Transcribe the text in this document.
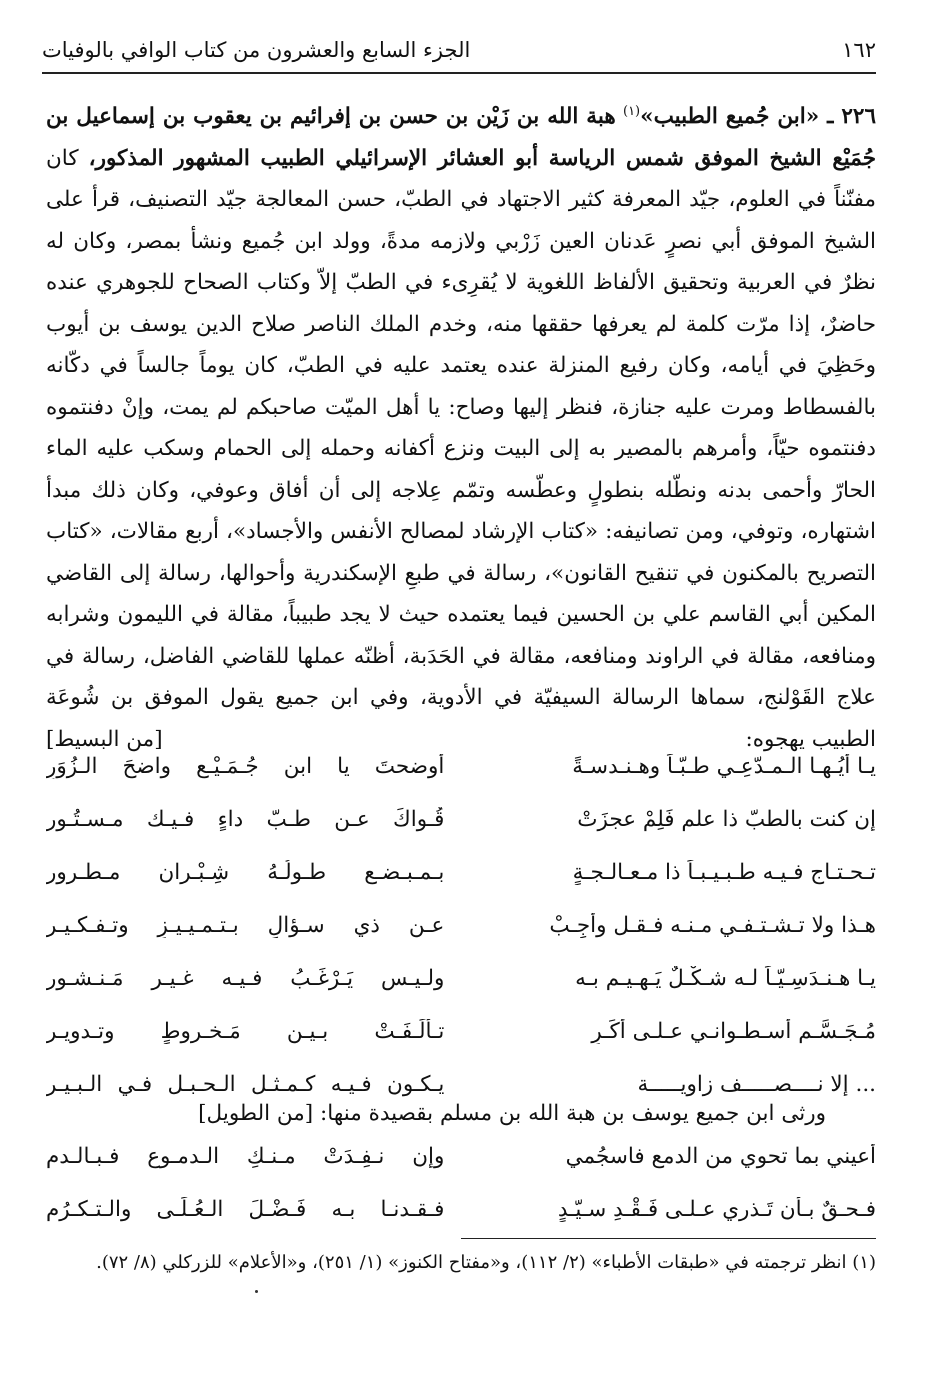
١٦٢
الجزء السابع والعشرون من كتاب الوافي بالوفيات
٢٢٦ ـ «ابن جُميع الطبيب»$^{(١)}$ هبة الله بن زَيْن بن حسن بن إفرائيم بن يعقوب بن إسماعيل بن جُمَيْع الشيخ الموفق شمس الرياسة أبو العشائر الإسرائيلي الطبيب المشهور المذكور، كان مفنّناً في العلوم، جيّد المعرفة كثير الاجتهاد في الطبّ، حسن المعالجة جيّد التصنيف، قرأ على الشيخ الموفق أبي نصرٍ عَدنان العين زَرْبي ولازمه مدةً، وولد ابن جُميع ونشأ بمصر، وكان له نظرٌ في العربية وتحقيق الألفاظ اللغوية لا يُقرِىء في الطبّ إلاّ وكتاب الصحاح للجوهري عنده حاضرٌ، إذا مرّت كلمة لم يعرفها حققها منه، وخدم الملك الناصر صلاح الدين يوسف بن أيوب وحَظِيَ في أيامه، وكان رفيع المنزلة عنده يعتمد عليه في الطبّ، كان يوماً جالساً في دكّانه بالفسطاط ومرت عليه جنازة، فنظر إليها وصاح: يا أهل الميّت صاحبكم لم يمت، وإنْ دفنتموه دفنتموه حيّاً، وأمرهم بالمصير به إلى البيت ونزع أكفانه وحمله إلى الحمام وسكب عليه الماء الحارّ وأحمى بدنه ونطّله بنطولٍ وعطّسه وتمّم عِلاجه إلى أن أفاق وعوفي، وكان ذلك مبدأ اشتهاره، وتوفي، ومن تصانيفه: «كتاب الإرشاد لمصالح الأنفس والأجساد»، أربع مقالات، «كتاب التصريح بالمكنون في تنقيح القانون»، رسالة في طبعِ الإسكندرية وأحوالها، رسالة إلى القاضي المكين أبي القاسم علي بن الحسين فيما يعتمده حيث لا يجد طبيباً، مقالة في الليمون وشرابه ومنافعه، مقالة في الراوند ومنافعه، مقالة في الحَدَبة، أظنّه عملها للقاضي الفاضل، رسالة في علاج القَوْلنج، سماها الرسالة السيفيّة في الأدوية، وفي ابن جميع يقول الموفق بن شُوعَة الطبيب يهجوه:
[من البسيط]
يـا أيُـهـا الـمـدّعِـي طـبّـاً وهـنـدسـةً
أوضحتَ يا ابن جُـمَـيْـع واضحَ الـزُوَرِ
إن كنت بالطبّ ذا علم فَلِمْ عجزَتْ
قُـواكَ عـن طـبّ داءٍ فـيـك مـسـتُـور
تـحـتـاج فـيـه طـبـيـبـاً ذا مـعـالـجـةٍ
بـمـبـضـعٍ طـولُـهُ شِـبْـران مـطـرور
هـذا ولا تـشـتـفـي مـنـه فـقـل وأجِـبْ
عـن ذي سـؤالٍ بـتـمـيـيـزٍ وتـفـكـيـر
يـا هـنـدَسِـيّـاً لـه شـكْـلٌ يَـهـيـم بـه
ولـيـس يَـرْغَـبُ فـيـه غـيـر مَـنـشـور
مُـجَـسَّـم أسـطـوانـي عـلـى أكَـرٍ
تـألَـفَـتْ بـيـن مَـخـروطٍ وتـدويـر
... إلا نــــصـــــف زاويـــــة
يـكـون فـيـه كـمـثـل الـحـبـل فـي الـبـيـر
ورثى ابن جميع يوسف بن هبة الله بن مسلم بقصيدة منها: [من الطويل]
أعيني بما تحوي من الدمع فاسجُمي
وإن نـفِـدَتْ مـنـكِ الـدمـوع فـبـالـدمِ
فـحـقٌ بـأن تَـذري عـلـى فَـقْـدِ سـيّـدٍ
فـقـدنـا بـه فَـضْـلَ الـعُـلَـى والـتـكـرُمِ
(١) انظر ترجمته في «طبقات الأطباء» (٢/ ١١٢)، و«مفتاح الكنوز» (١/ ٢٥١)، و«الأعلام» للزركلي (٨/ ٧٢).
